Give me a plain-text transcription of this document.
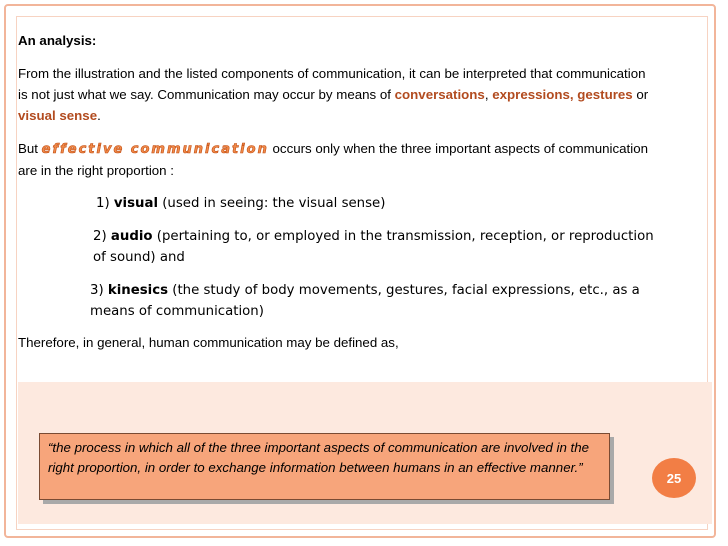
An analysis:

From the illustration and the listed components of communication, it can be interpreted that communication is not just what we say. Communication may occur by means of conversations, expressions, gestures or visual sense.

But effective communication occurs only when the three important aspects of communication are in the right proportion :

1) visual (used in seeing: the visual sense)
2) audio (pertaining to, or employed in the transmission, reception, or reproduction of sound) and
3) kinesics (the study of body movements, gestures, facial expressions, etc., as a means of communication)

Therefore, in general, human communication may be defined as,

“the process in which all of the three important aspects of communication are involved in the right proportion, in order to exchange information between humans in an effective manner.”
25
